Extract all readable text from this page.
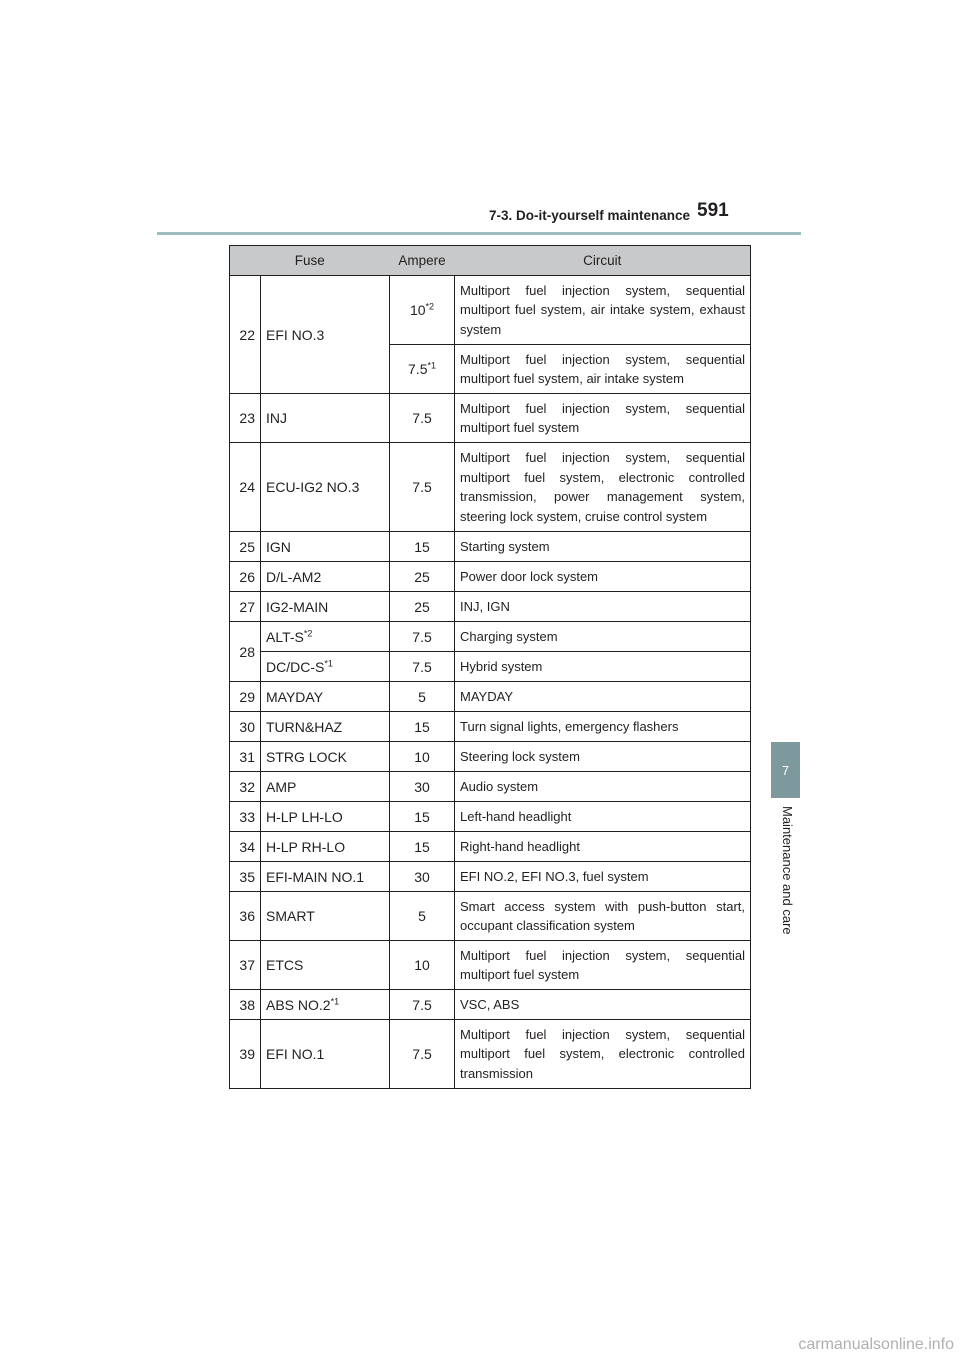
7-3. Do-it-yourself maintenance 591
7
Maintenance and care
Fuse		Ampere	Circuit
22	EFI NO.3	10$^{*2}$	Multiport fuel injection system, sequential multiport fuel system, air intake system, exhaust system
		7.5$^{*1}$	Multiport fuel injection system, sequential multiport fuel system, air intake system
23	INJ	7.5	Multiport fuel injection system, sequential multiport fuel system
24	ECU-IG2 NO.3	7.5	Multiport fuel injection system, sequential multiport fuel system, electronic controlled transmission, power management system, steering lock system, cruise control system
25	IGN	15	Starting system
26	D/L-AM2	25	Power door lock system
27	IG2-MAIN	25	INJ, IGN
28	ALT-$S^{*2}$	7.5	Charging system
	$DC/DC-S^{*1}$	7.5	Hybrid system
29	MAYDAY	5	MAYDAY
30	TURN&HAZ	15	Turn signal lights, emergency flashers
31	STRG LOCK	10	Steering lock system
32	AMP	30	Audio system
33	H-LP LH-LO	15	Left-hand headlight
34	H-LP RH-LO	15	Right-hand headlight
35	EFI-MAIN NO.1	30	EFI NO.2, EFI NO.3, fuel system
36	SMART	5	Smart access system with push-button start, occupant classification system
37	ETCS	10	Multiport fuel injection system, sequential multiport fuel system
38	ABS NO.2$^{*1}$	7.5	VSC, ABS
39	EFI NO.1	7.5	Multiport fuel injection system, sequential multiport fuel system, electronic controlled transmission
carmanualsonline.info
